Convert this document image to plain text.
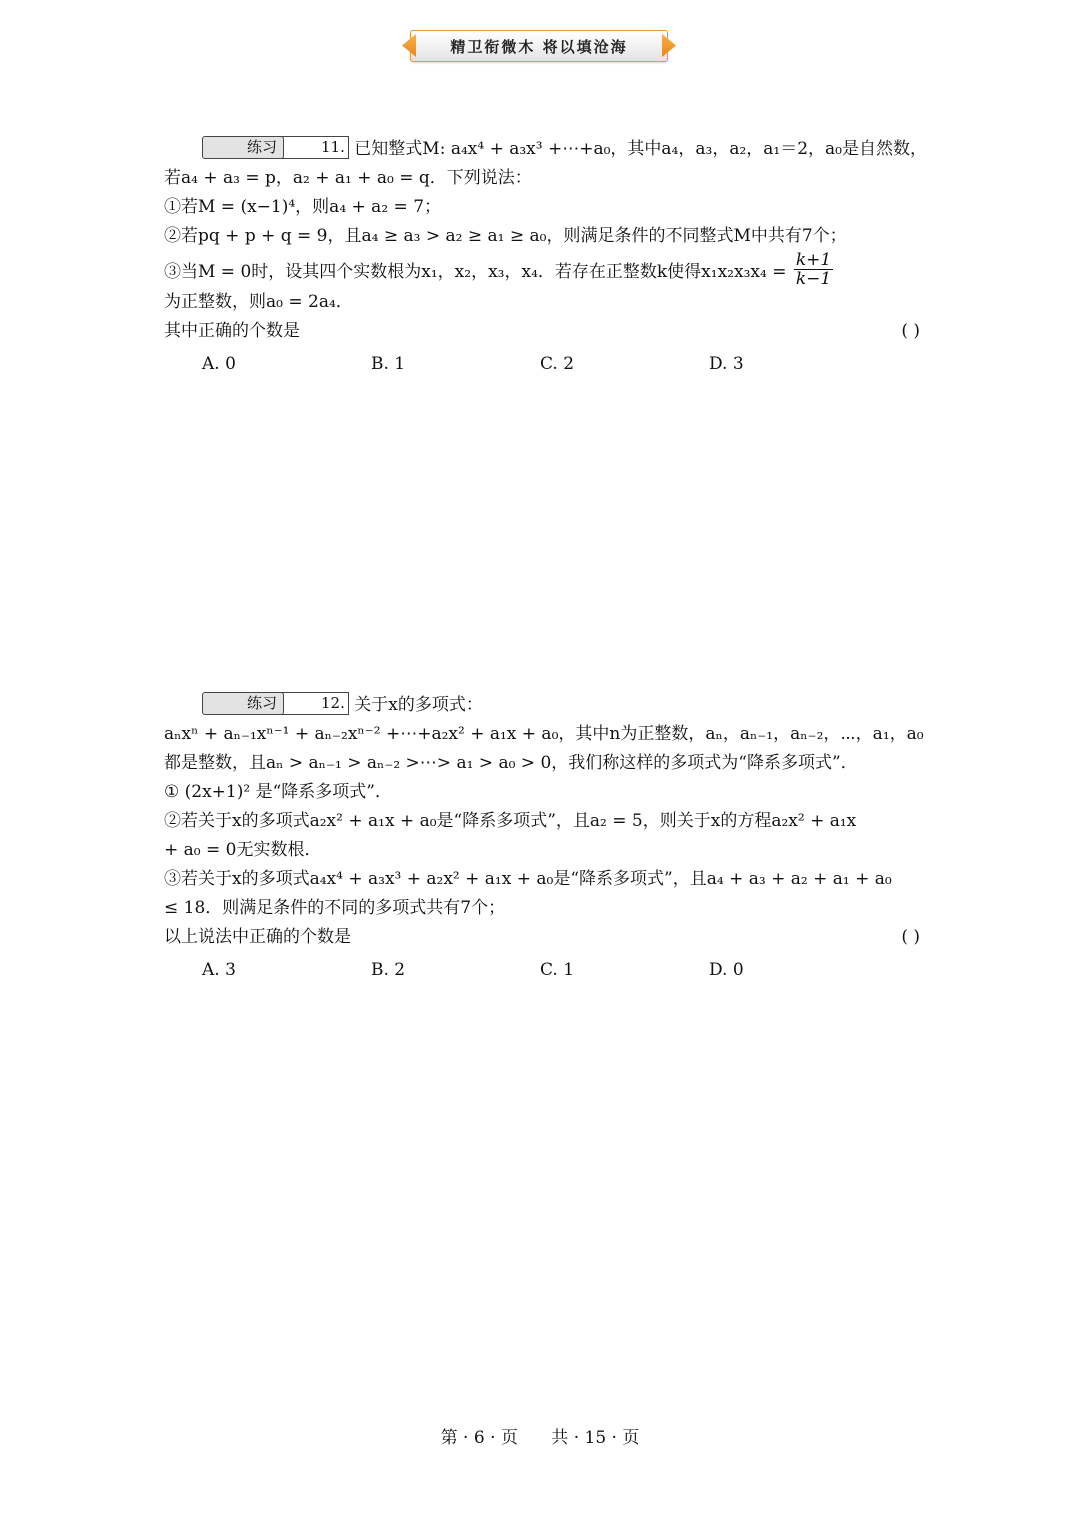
精卫衔微木 将以填沧海
练习	11. 已知整式M: a₄x⁴ + a₃x³ +⋯+a₀，其中a₄，a₃，a₂，a₁＝2，a₀是自然数，
若a₄ + a₃ = p，a₂ + a₁ + a₀ = q．下列说法：
①若M = (x−1)⁴，则a₄ + a₂ = 7；
②若pq + p + q = 9，且a₄ ≥ a₃ > a₂ ≥ a₁ ≥ a₀，则满足条件的不同整式M中共有7个；
③当M = 0时，设其四个实数根为x₁，x₂，x₃，x₄．若存在正整数k使得$x_1x_2x_3x_4 = \frac{k+1}{k-1}$
为正整数，则a₀ = 2a₄．
其中正确的个数是	( )
A. 0	B. 1	C. 2	D. 3
练习	12. 关于x的多项式：
aₙxⁿ + aₙ₋₁xⁿ⁻¹ + aₙ₋₂xⁿ⁻² +⋯+a₂x² + a₁x + a₀，其中n为正整数，aₙ，aₙ₋₁，aₙ₋₂，⋯，a₁，a₀
都是整数，且aₙ > aₙ₋₁ > aₙ₋₂ >⋯> a₁ > a₀ > 0，我们称这样的多项式为“降系多项式”．
① (2x+1)² 是“降系多项式”．
②若关于x的多项式a₂x² + a₁x + a₀是“降系多项式”，且a₂ = 5，则关于x的方程a₂x² + a₁x
+ a₀ = 0无实数根．
③若关于x的多项式a₄x⁴ + a₃x³ + a₂x² + a₁x + a₀是“降系多项式”，且a₄ + a₃ + a₂ + a₁ + a₀
≤ 18．则满足条件的不同的多项式共有7个；
以上说法中正确的个数是	( )
A. 3	B. 2	C. 1	D. 0
第 · 6 · 页 共 · 15 · 页
